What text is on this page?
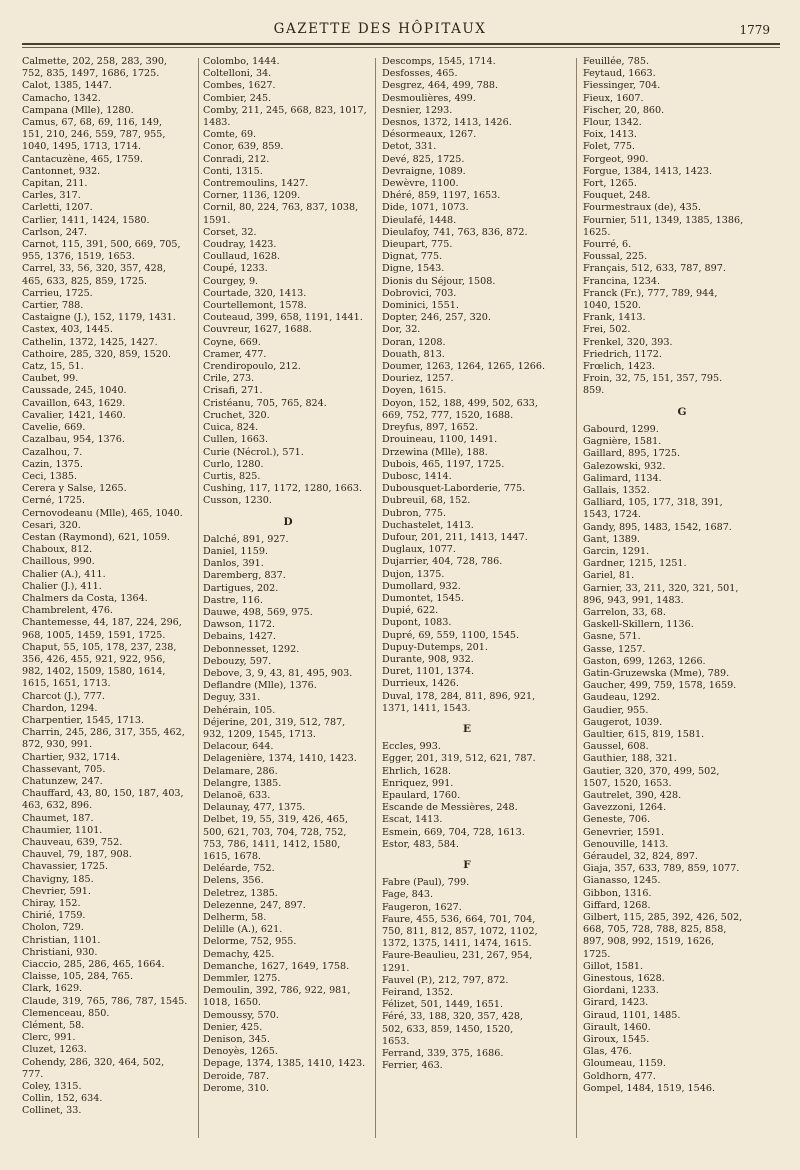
GAZETTE DES HÔPITAUX	1779
Calmette, 202, 258, 283, 390,
752, 835, 1497, 1686, 1725.
Calot, 1385, 1447.
Camacho, 1342.
Campana (Mlle), 1280.
Camus, 67, 68, 69, 116, 149,
151, 210, 246, 559, 787, 955,
1040, 1495, 1713, 1714.
Cantacuzène, 465, 1759.
Cantonnet, 932.
Capitan, 211.
Carles, 317.
Carletti, 1207.
Carlier, 1411, 1424, 1580.
Carlson, 247.
Carnot, 115, 391, 500, 669, 705,
955, 1376, 1519, 1653.
Carrel, 33, 56, 320, 357, 428,
465, 633, 825, 859, 1725.
Carrieu, 1725.
Cartier, 788.
Castaigne (J.), 152, 1179, 1431.
Castex, 403, 1445.
Cathelin, 1372, 1425, 1427.
Cathoire, 285, 320, 859, 1520.
Catz, 15, 51.
Caubet, 99.
Caussade, 245, 1040.
Cavaillon, 643, 1629.
Cavalier, 1421, 1460.
Cavelie, 669.
Cazalbau, 954, 1376.
Cazalhou, 7.
Cazin, 1375.
Ceci, 1385.
Cerera y Salse, 1265.
Cerné, 1725.
Cernovodeanu (Mlle), 465, 1040.
Cesari, 320.
Cestan (Raymond), 621, 1059.
Chaboux, 812.
Chaillous, 990.
Chalier (A.), 411.
Chalier (J.), 411.
Chalmers da Costa, 1364.
Chambrelent, 476.
Chantemesse, 44, 187, 224, 296,
968, 1005, 1459, 1591, 1725.
Chaput, 55, 105, 178, 237, 238,
356, 426, 455, 921, 922, 956,
982, 1402, 1509, 1580, 1614,
1615, 1651, 1713.
Charcot (J.), 777.
Chardon, 1294.
Charpentier, 1545, 1713.
Charrin, 245, 286, 317, 355, 462,
872, 930, 991.
Chartier, 932, 1714.
Chassevant, 705.
Chatunzew, 247.
Chauffard, 43, 80, 150, 187, 403,
463, 632, 896.
Chaumet, 187.
Chaumier, 1101.
Chauveau, 639, 752.
Chauvel, 79, 187, 908.
Chavassier, 1725.
Chavigny, 185.
Chevrier, 591.
Chiray, 152.
Chirié, 1759.
Cholon, 729.
Christian, 1101.
Christiani, 930.
Ciaccio, 285, 286, 465, 1664.
Claisse, 105, 284, 765.
Clark, 1629.
Claude, 319, 765, 786, 787, 1545.
Clemenceau, 850.
Clément, 58.
Clerc, 991.
Cluzet, 1263.
Cohendy, 286, 320, 464, 502,
777.
Coley, 1315.
Collin, 152, 634.
Collinet, 33.
Colombo, 1444.
Coltelloni, 34.
Combes, 1627.
Combier, 245.
Comby, 211, 245, 668, 823, 1017,
1483.
Comte, 69.
Conor, 639, 859.
Conradi, 212.
Conti, 1315.
Contremoulins, 1427.
Corner, 1136, 1209.
Cornil, 80, 224, 763, 837, 1038,
1591.
Corset, 32.
Coudray, 1423.
Coullaud, 1628.
Coupé, 1233.
Courgey, 9.
Courtade, 320, 1413.
Courtellemont, 1578.
Couteaud, 399, 658, 1191, 1441.
Couvreur, 1627, 1688.
Coyne, 669.
Cramer, 477.
Crendiropoulo, 212.
Crile, 273.
Crisafi, 271.
Cristéanu, 705, 765, 824.
Cruchet, 320.
Cuica, 824.
Cullen, 1663.
Curie (Nécrol.), 571.
Curlo, 1280.
Curtis, 825.
Cushing, 117, 1172, 1280, 1663.
Cusson, 1230.
D
Dalché, 891, 927.
Daniel, 1159.
Danlos, 391.
Daremberg, 837.
Dartigues, 202.
Dastre, 116.
Dauwe, 498, 569, 975.
Dawson, 1172.
Debains, 1427.
Debonnesset, 1292.
Debouzy, 597.
Debove, 3, 9, 43, 81, 495, 903.
Deflandre (Mlle), 1376.
Deguy, 331.
Dehérain, 105.
Déjerine, 201, 319, 512, 787,
932, 1209, 1545, 1713.
Delacour, 644.
Delagenière, 1374, 1410, 1423.
Delamare, 286.
Delangre, 1385.
Delanoë, 633.
Delaunay, 477, 1375.
Delbet, 19, 55, 319, 426, 465,
500, 621, 703, 704, 728, 752,
753, 786, 1411, 1412, 1580,
1615, 1678.
Deléarde, 752.
Delens, 356.
Deletrez, 1385.
Delezenne, 247, 897.
Delherm, 58.
Delille (A.), 621.
Delorme, 752, 955.
Demachy, 425.
Demanche, 1627, 1649, 1758.
Demmler, 1275.
Demoulin, 392, 786, 922, 981,
1018, 1650.
Demoussy, 570.
Denier, 425.
Denison, 345.
Denoyès, 1265.
Depage, 1374, 1385, 1410, 1423.
Deroide, 787.
Derome, 310.
Descomps, 1545, 1714.
Desfosses, 465.
Desgrez, 464, 499, 788.
Desmoulières, 499.
Desnier, 1293.
Desnos, 1372, 1413, 1426.
Désormeaux, 1267.
Detot, 331.
Devé, 825, 1725.
Devraigne, 1089.
Dewèvre, 1100.
Dhéré, 859, 1197, 1653.
Dide, 1071, 1073.
Dieulafé, 1448.
Dieulafoy, 741, 763, 836, 872.
Dieupart, 775.
Dignat, 775.
Digne, 1543.
Dionis du Séjour, 1508.
Dobrovici, 703.
Dominici, 1551.
Dopter, 246, 257, 320.
Dor, 32.
Doran, 1208.
Douath, 813.
Doumer, 1263, 1264, 1265, 1266.
Douriez, 1257.
Doyen, 1615.
Doyon, 152, 188, 499, 502, 633,
669, 752, 777, 1520, 1688.
Dreyfus, 897, 1652.
Drouineau, 1100, 1491.
Drzewina (Mlle), 188.
Dubois, 465, 1197, 1725.
Dubosc, 1414.
Dubousquet-Laborderie, 775.
Dubreuil, 68, 152.
Dubron, 775.
Duchastelet, 1413.
Dufour, 201, 211, 1413, 1447.
Duglaux, 1077.
Dujarrier, 404, 728, 786.
Dujon, 1375.
Dumollard, 932.
Dumontet, 1545.
Dupié, 622.
Dupont, 1083.
Dupré, 69, 559, 1100, 1545.
Dupuy-Dutemps, 201.
Durante, 908, 932.
Duret, 1101, 1374.
Durrieux, 1426.
Duval, 178, 284, 811, 896, 921,
1371, 1411, 1543.
E
Eccles, 993.
Egger, 201, 319, 512, 621, 787.
Ehrlich, 1628.
Enriquez, 991.
Epaulard, 1760.
Escande de Messières, 248.
Escat, 1413.
Esmein, 669, 704, 728, 1613.
Estor, 483, 584.
F
Fabre (Paul), 799.
Fage, 843.
Faugeron, 1627.
Faure, 455, 536, 664, 701, 704,
750, 811, 812, 857, 1072, 1102,
1372, 1375, 1411, 1474, 1615.
Faure-Beaulieu, 231, 267, 954,
1291.
Fauvel (P.), 212, 797, 872.
Feirand, 1352.
Félizet, 501, 1449, 1651.
Féré, 33, 188, 320, 357, 428,
502, 633, 859, 1450, 1520,
1653.
Ferrand, 339, 375, 1686.
Ferrier, 463.
Feuillée, 785.
Feytaud, 1663.
Fiessinger, 704.
Fieux, 1607.
Fischer, 20, 860.
Flour, 1342.
Foix, 1413.
Folet, 775.
Forgeot, 990.
Forgue, 1384, 1413, 1423.
Fort, 1265.
Fouquet, 248.
Fourmestraux (de), 435.
Fournier, 511, 1349, 1385, 1386,
1625.
Fourré, 6.
Foussal, 225.
Français, 512, 633, 787, 897.
Francina, 1234.
Franck (Fr.), 777, 789, 944,
1040, 1520.
Frank, 1413.
Frei, 502.
Frenkel, 320, 393.
Friedrich, 1172.
Frœlich, 1423.
Froin, 32, 75, 151, 357, 795.
859.
G
Gabourd, 1299.
Gagnière, 1581.
Gaillard, 895, 1725.
Galezowski, 932.
Galimard, 1134.
Gallais, 1352.
Galliard, 105, 177, 318, 391,
1543, 1724.
Gandy, 895, 1483, 1542, 1687.
Gant, 1389.
Garcin, 1291.
Gardner, 1215, 1251.
Gariel, 81.
Garnier, 33, 211, 320, 321, 501,
896, 943, 991, 1483.
Garrelon, 33, 68.
Gaskell-Skillern, 1136.
Gasne, 571.
Gasse, 1257.
Gaston, 699, 1263, 1266.
Gatin-Gruzewska (Mme), 789.
Gaucher, 499, 759, 1578, 1659.
Gaudeau, 1292.
Gaudier, 955.
Gaugerot, 1039.
Gaultier, 615, 819, 1581.
Gaussel, 608.
Gauthier, 188, 321.
Gautier, 320, 370, 499, 502,
1507, 1520, 1653.
Gautrelet, 390, 428.
Gavezzoni, 1264.
Geneste, 706.
Genevrier, 1591.
Genouville, 1413.
Géraudel, 32, 824, 897.
Giaja, 357, 633, 789, 859, 1077.
Gianasso, 1245.
Gibbon, 1316.
Giffard, 1268.
Gilbert, 115, 285, 392, 426, 502,
668, 705, 728, 788, 825, 858,
897, 908, 992, 1519, 1626,
1725.
Gillot, 1581.
Ginestous, 1628.
Giordani, 1233.
Girard, 1423.
Giraud, 1101, 1485.
Girault, 1460.
Giroux, 1545.
Glas, 476.
Gloumeau, 1159.
Goldhorn, 477.
Gompel, 1484, 1519, 1546.
